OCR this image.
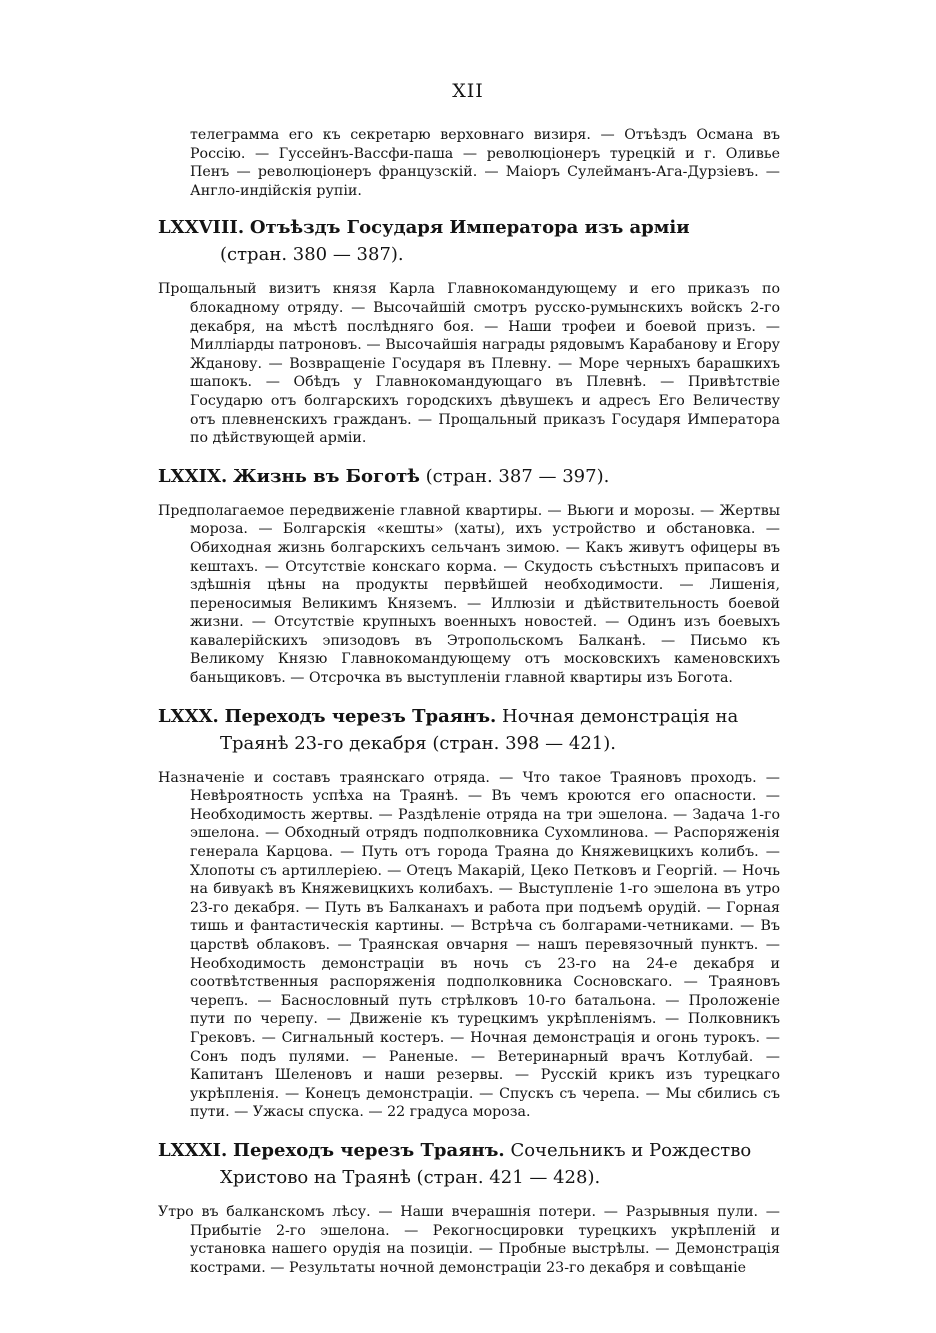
XII

телеграмма его къ секретарю верховнаго визиря. — Отъѣздъ Османа въ Россію. — Гуссейнъ-Вассфи-паша — революціонеръ турецкій и г. Оливье Пенъ — революціонеръ французскій. — Маіоръ Сулейманъ-Ага-Дурзіевъ. — Англо-индійскія рупіи.

LXXVIII. Отъѣздъ Государя Императора изъ арміи
(стран. 380 — 387).

Прощальный визитъ князя Карла Главнокомандующему и его приказъ по блокадному отряду. — Высочайшій смотръ русско-румынскихъ войскъ 2-го декабря, на мѣстѣ послѣдняго боя. — Наши трофеи и боевой призъ. — Милліарды патроновъ. — Высочайшія награды рядовымъ Карабанову и Егору Жданову. — Возвращеніе Государя въ Плевну. — Море черныхъ барашкихъ шапокъ. — Обѣдъ у Главнокомандующаго въ Плевнѣ. — Привѣтствіе Государю отъ болгарскихъ городскихъ дѣвушекъ и адресъ Его Величеству отъ плевненскихъ гражданъ. — Прощальный приказъ Государя Императора по дѣйствующей арміи.

LXXIX. Жизнь въ Боготѣ (стран. 387 — 397).

Предполагаемое передвиженіе главной квартиры. — Вьюги и морозы. — Жертвы мороза. — Болгарскія «кешты» (хаты), ихъ устройство и обстановка. — Обиходная жизнь болгарскихъ сельчанъ зимою. — Какъ живутъ офицеры въ кештахъ. — Отсутствіе конскаго корма. — Скудость съѣстныхъ припасовъ и здѣшнія цѣны на продукты первѣйшей необходимости. — Лишенія, переносимыя Великимъ Княземъ. — Иллюзіи и дѣйствительность боевой жизни. — Отсутствіе крупныхъ военныхъ новостей. — Одинъ изъ боевыхъ кавалерійскихъ эпизодовъ въ Этропольскомъ Балканѣ. — Письмо къ Великому Князю Главнокомандующему отъ московскихъ каменовскихъ баньщиковъ. — Отсрочка въ выступленіи главной квартиры изъ Богота.

LXXX. Переходъ черезъ Траянъ. Ночная демонстрація на Траянѣ 23-го декабря (стран. 398 — 421).

Назначеніе и составъ траянскаго отряда. — Что такое Траяновъ проходъ. — Невѣроятность успѣха на Траянѣ. — Въ чемъ кроются его опасности. — Необходимость жертвы. — Раздѣленіе отряда на три эшелона. — Задача 1-го эшелона. — Обходный отрядъ подполковника Сухомлинова. — Распоряженія генерала Карцова. — Путь отъ города Траяна до Княжевицкихъ колибъ. — Хлопоты съ артиллеріею. — Отецъ Макарій, Цеко Петковъ и Георгій. — Ночь на бивуакѣ въ Княжевицкихъ колибахъ. — Выступленіе 1-го эшелона въ утро 23-го декабря. — Путь въ Балканахъ и работа при подъемѣ орудій. — Горная тишь и фантастическія картины. — Встрѣча съ болгарами-четниками. — Въ царствѣ облаковъ. — Траянская овчарня — нашъ перевязочный пунктъ. — Необходимость демонстраціи въ ночь съ 23-го на 24-е декабря и соотвѣтственныя распоряженія подполковника Сосновскаго. — Траяновъ черепъ. — Баснословный путь стрѣлковъ 10-го батальона. — Проложеніе пути по черепу. — Движеніе къ турецкимъ укрѣпленіямъ. — Полковникъ Грековъ. — Сигнальный костеръ. — Ночная демонстрація и огонь турокъ. — Сонъ подъ пулями. — Раненые. — Ветеринарный врачъ Котлубай. — Капитанъ Шеленовъ и наши резервы. — Русскій крикъ изъ турецкаго укрѣпленія. — Конецъ демонстраціи. — Спускъ съ черепа. — Мы сбились съ пути. — Ужасы спуска. — 22 градуса мороза.

LXXXI. Переходъ черезъ Траянъ. Сочельникъ и Рождество Христово на Траянѣ (стран. 421 — 428).

Утро въ балканскомъ лѣсу. — Наши вчерашнія потери. — Разрывныя пули. — Прибытіе 2-го эшелона. — Рекогносцировки турецкихъ укрѣпленій и установка нашего орудія на позиціи. — Пробные выстрѣлы. — Демонстрація кострами. — Результаты ночной демонстраціи 23-го декабря и совѣщаніе
